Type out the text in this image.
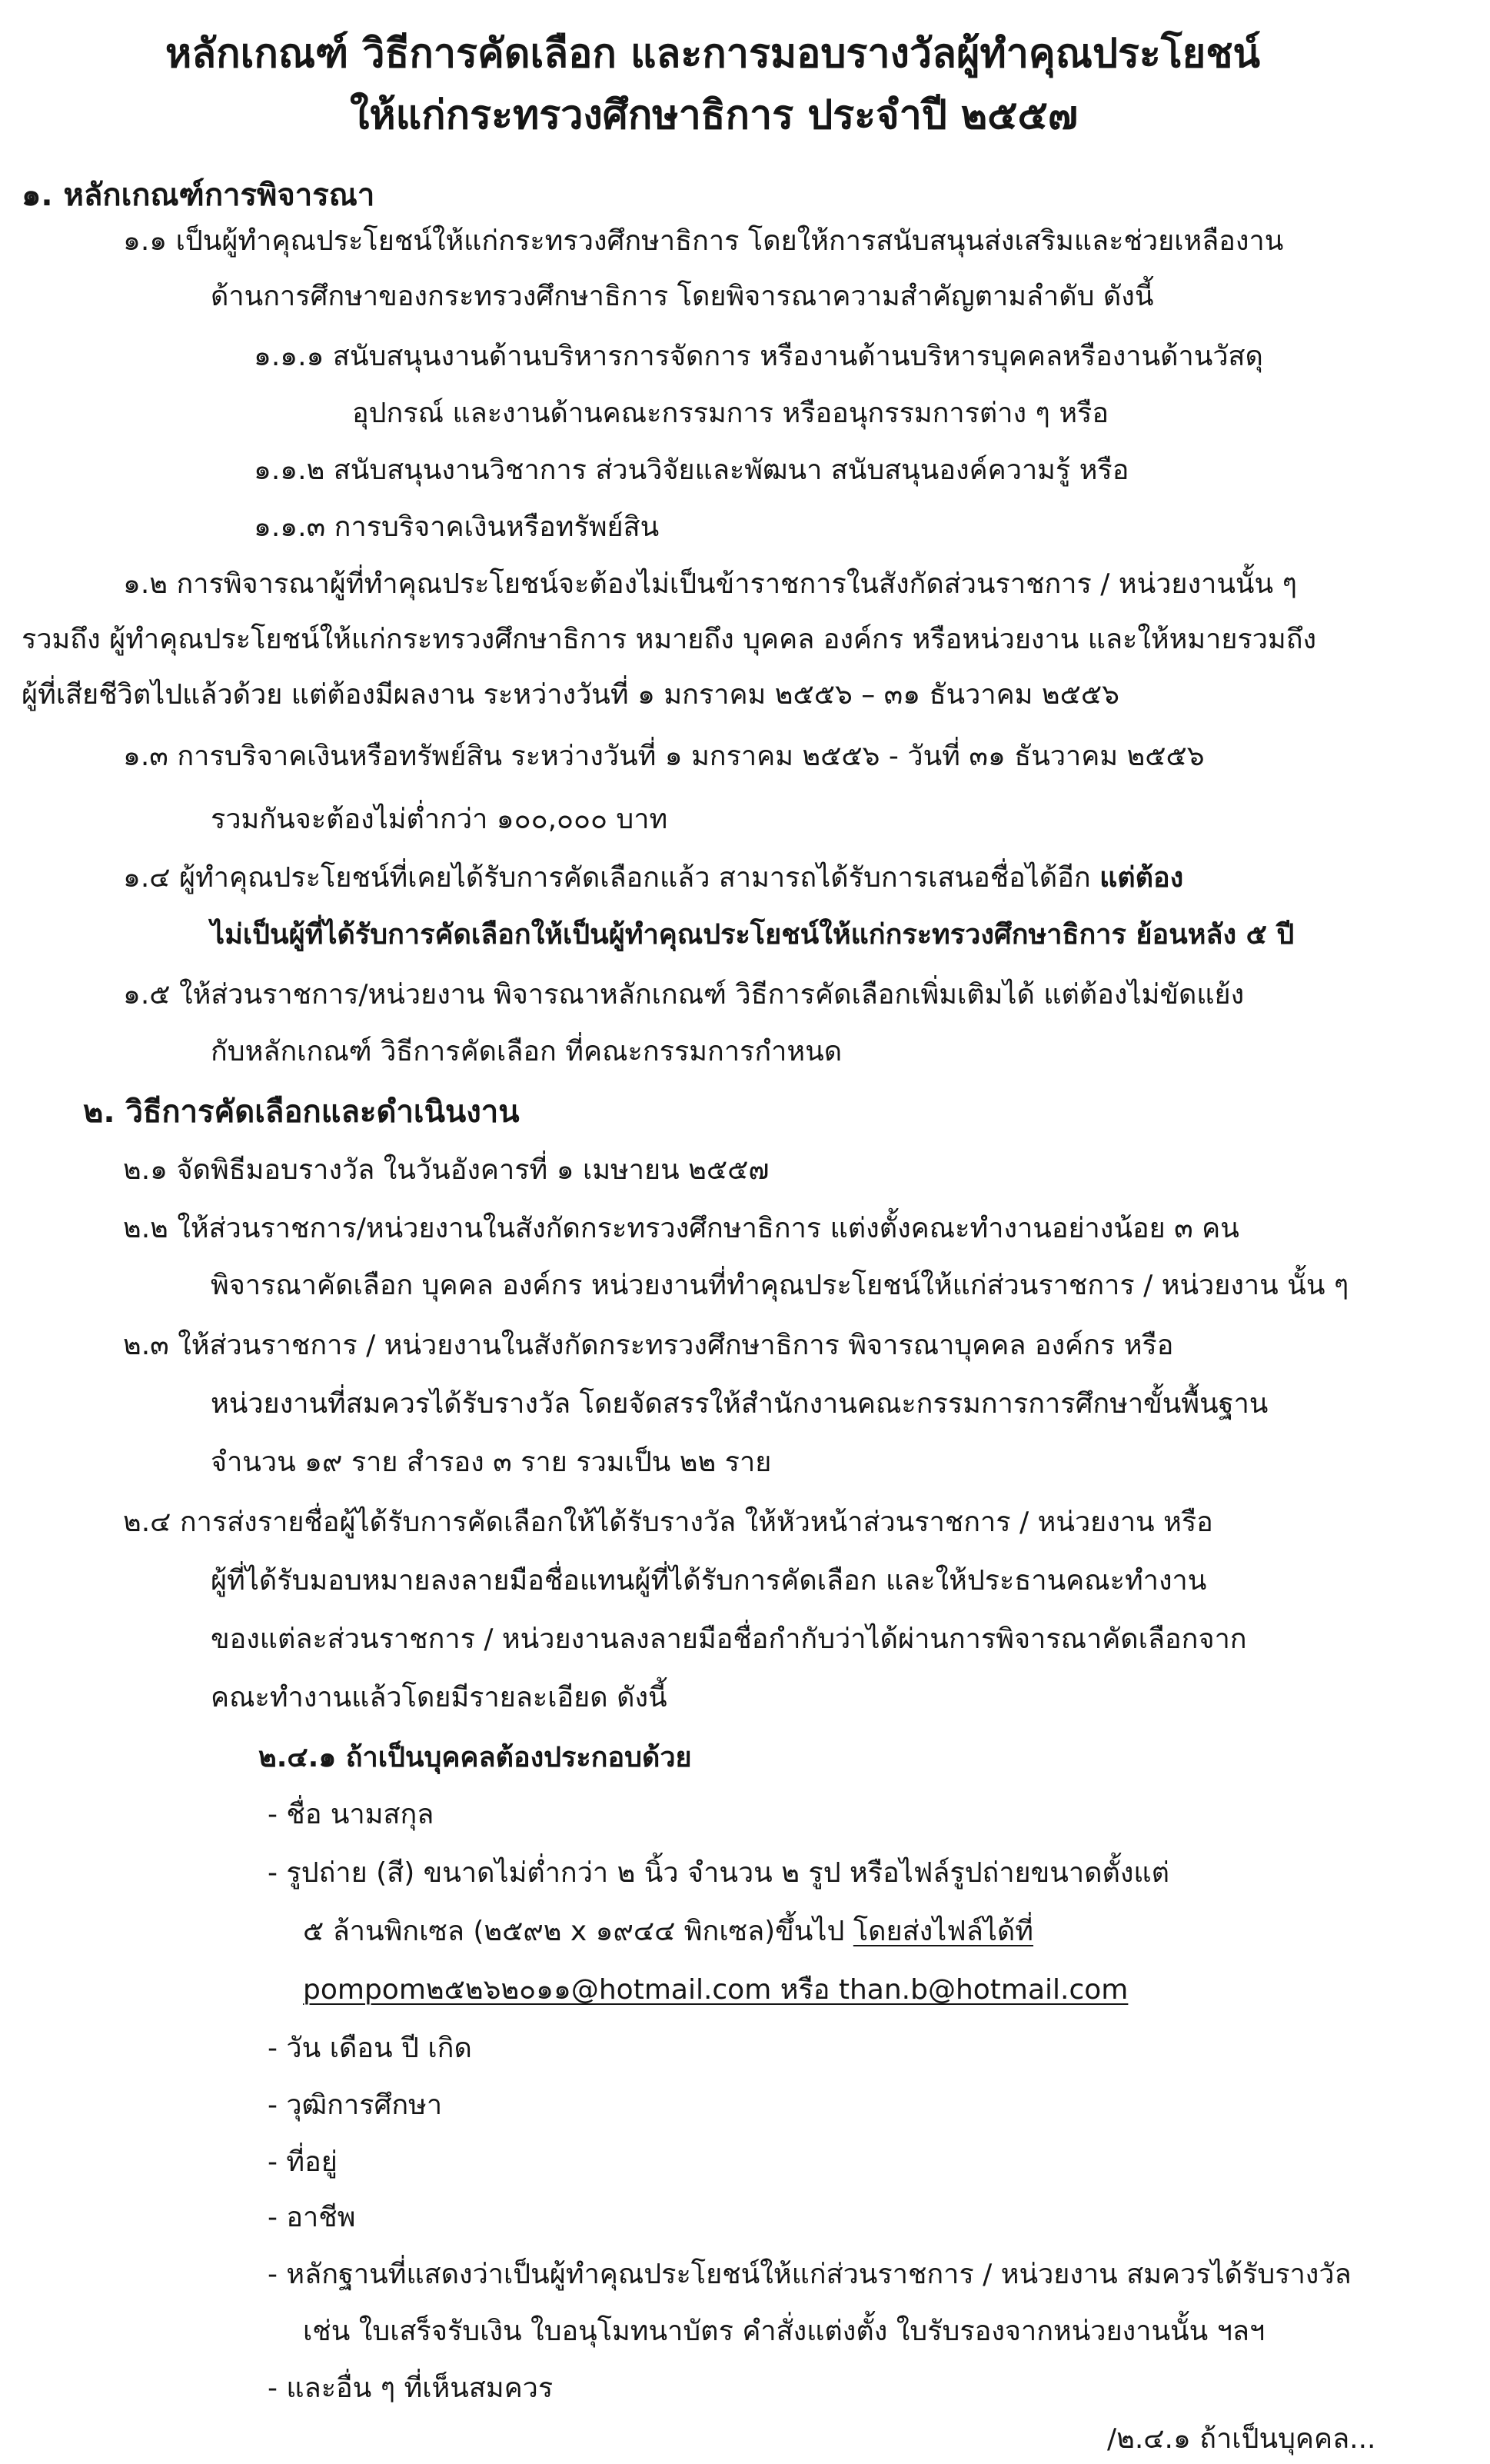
หลักเกณฑ์ วิธีการคัดเลือก และการมอบรางวัลผู้ทำคุณประโยชน์
ให้แก่กระทรวงศึกษาธิการ ประจำปี ๒๕๕๗
๑. หลักเกณฑ์การพิจารณา
๑.๑ เป็นผู้ทำคุณประโยชน์ให้แก่กระทรวงศึกษาธิการ โดยให้การสนับสนุนส่งเสริมและช่วยเหลืองาน
ด้านการศึกษาของกระทรวงศึกษาธิการ โดยพิจารณาความสำคัญตามลำดับ ดังนี้
๑.๑.๑ สนับสนุนงานด้านบริหารการจัดการ หรืองานด้านบริหารบุคคลหรืองานด้านวัสดุ
อุปกรณ์ และงานด้านคณะกรรมการ หรืออนุกรรมการต่าง ๆ หรือ
๑.๑.๒ สนับสนุนงานวิชาการ ส่วนวิจัยและพัฒนา สนับสนุนองค์ความรู้ หรือ
๑.๑.๓ การบริจาคเงินหรือทรัพย์สิน
๑.๒ การพิจารณาผู้ที่ทำคุณประโยชน์จะต้องไม่เป็นข้าราชการในสังกัดส่วนราชการ / หน่วยงานนั้น ๆ
รวมถึง ผู้ทำคุณประโยชน์ให้แก่กระทรวงศึกษาธิการ หมายถึง บุคคล องค์กร หรือหน่วยงาน และให้หมายรวมถึง
ผู้ที่เสียชีวิตไปแล้วด้วย แต่ต้องมีผลงาน ระหว่างวันที่ ๑ มกราคม ๒๕๕๖ – ๓๑ ธันวาคม ๒๕๕๖
๑.๓ การบริจาคเงินหรือทรัพย์สิน ระหว่างวันที่ ๑ มกราคม ๒๕๕๖ - วันที่ ๓๑ ธันวาคม ๒๕๕๖
รวมกันจะต้องไม่ต่ำกว่า ๑๐๐,๐๐๐ บาท
๑.๔ ผู้ทำคุณประโยชน์ที่เคยได้รับการคัดเลือกแล้ว สามารถได้รับการเสนอชื่อได้อีก แต่ต้อง
ไม่เป็นผู้ที่ได้รับการคัดเลือกให้เป็นผู้ทำคุณประโยชน์ให้แก่กระทรวงศึกษาธิการ ย้อนหลัง ๕ ปี
๑.๕ ให้ส่วนราชการ/หน่วยงาน พิจารณาหลักเกณฑ์ วิธีการคัดเลือกเพิ่มเติมได้ แต่ต้องไม่ขัดแย้ง
กับหลักเกณฑ์ วิธีการคัดเลือก ที่คณะกรรมการกำหนด
๒. วิธีการคัดเลือกและดำเนินงาน
๒.๑ จัดพิธีมอบรางวัล ในวันอังคารที่ ๑ เมษายน ๒๕๕๗
๒.๒ ให้ส่วนราชการ/หน่วยงานในสังกัดกระทรวงศึกษาธิการ แต่งตั้งคณะทำงานอย่างน้อย ๓ คน
พิจารณาคัดเลือก บุคคล องค์กร หน่วยงานที่ทำคุณประโยชน์ให้แก่ส่วนราชการ / หน่วยงาน นั้น ๆ
๒.๓ ให้ส่วนราชการ / หน่วยงานในสังกัดกระทรวงศึกษาธิการ พิจารณาบุคคล องค์กร หรือ
หน่วยงานที่สมควรได้รับรางวัล โดยจัดสรรให้สำนักงานคณะกรรมการการศึกษาขั้นพื้นฐาน
จำนวน ๑๙ ราย สำรอง ๓ ราย รวมเป็น ๒๒ ราย
๒.๔ การส่งรายชื่อผู้ได้รับการคัดเลือกให้ได้รับรางวัล ให้หัวหน้าส่วนราชการ / หน่วยงาน หรือ
ผู้ที่ได้รับมอบหมายลงลายมือชื่อแทนผู้ที่ได้รับการคัดเลือก และให้ประธานคณะทำงาน
ของแต่ละส่วนราชการ / หน่วยงานลงลายมือชื่อกำกับว่าได้ผ่านการพิจารณาคัดเลือกจาก
คณะทำงานแล้วโดยมีรายละเอียด ดังนี้
๒.๔.๑ ถ้าเป็นบุคคลต้องประกอบด้วย
- ชื่อ นามสกุล
- รูปถ่าย (สี) ขนาดไม่ต่ำกว่า ๒ นิ้ว จำนวน ๒ รูป หรือไฟล์รูปถ่ายขนาดตั้งแต่
๕ ล้านพิกเซล (๒๕๙๒ x ๑๙๔๔ พิกเซล)ขึ้นไป โดยส่งไฟล์ได้ที่
pompom๒๕๒๖๒๐๑๑@hotmail.com หรือ than.b@hotmail.com
- วัน เดือน ปี เกิด
- วุฒิการศึกษา
- ที่อยู่
- อาชีพ
- หลักฐานที่แสดงว่าเป็นผู้ทำคุณประโยชน์ให้แก่ส่วนราชการ / หน่วยงาน สมควรได้รับรางวัล
เช่น ใบเสร็จรับเงิน ใบอนุโมทนาบัตร คำสั่งแต่งตั้ง ใบรับรองจากหน่วยงานนั้น ฯลฯ
- และอื่น ๆ ที่เห็นสมควร
/๒.๔.๑ ถ้าเป็นบุคคล...
